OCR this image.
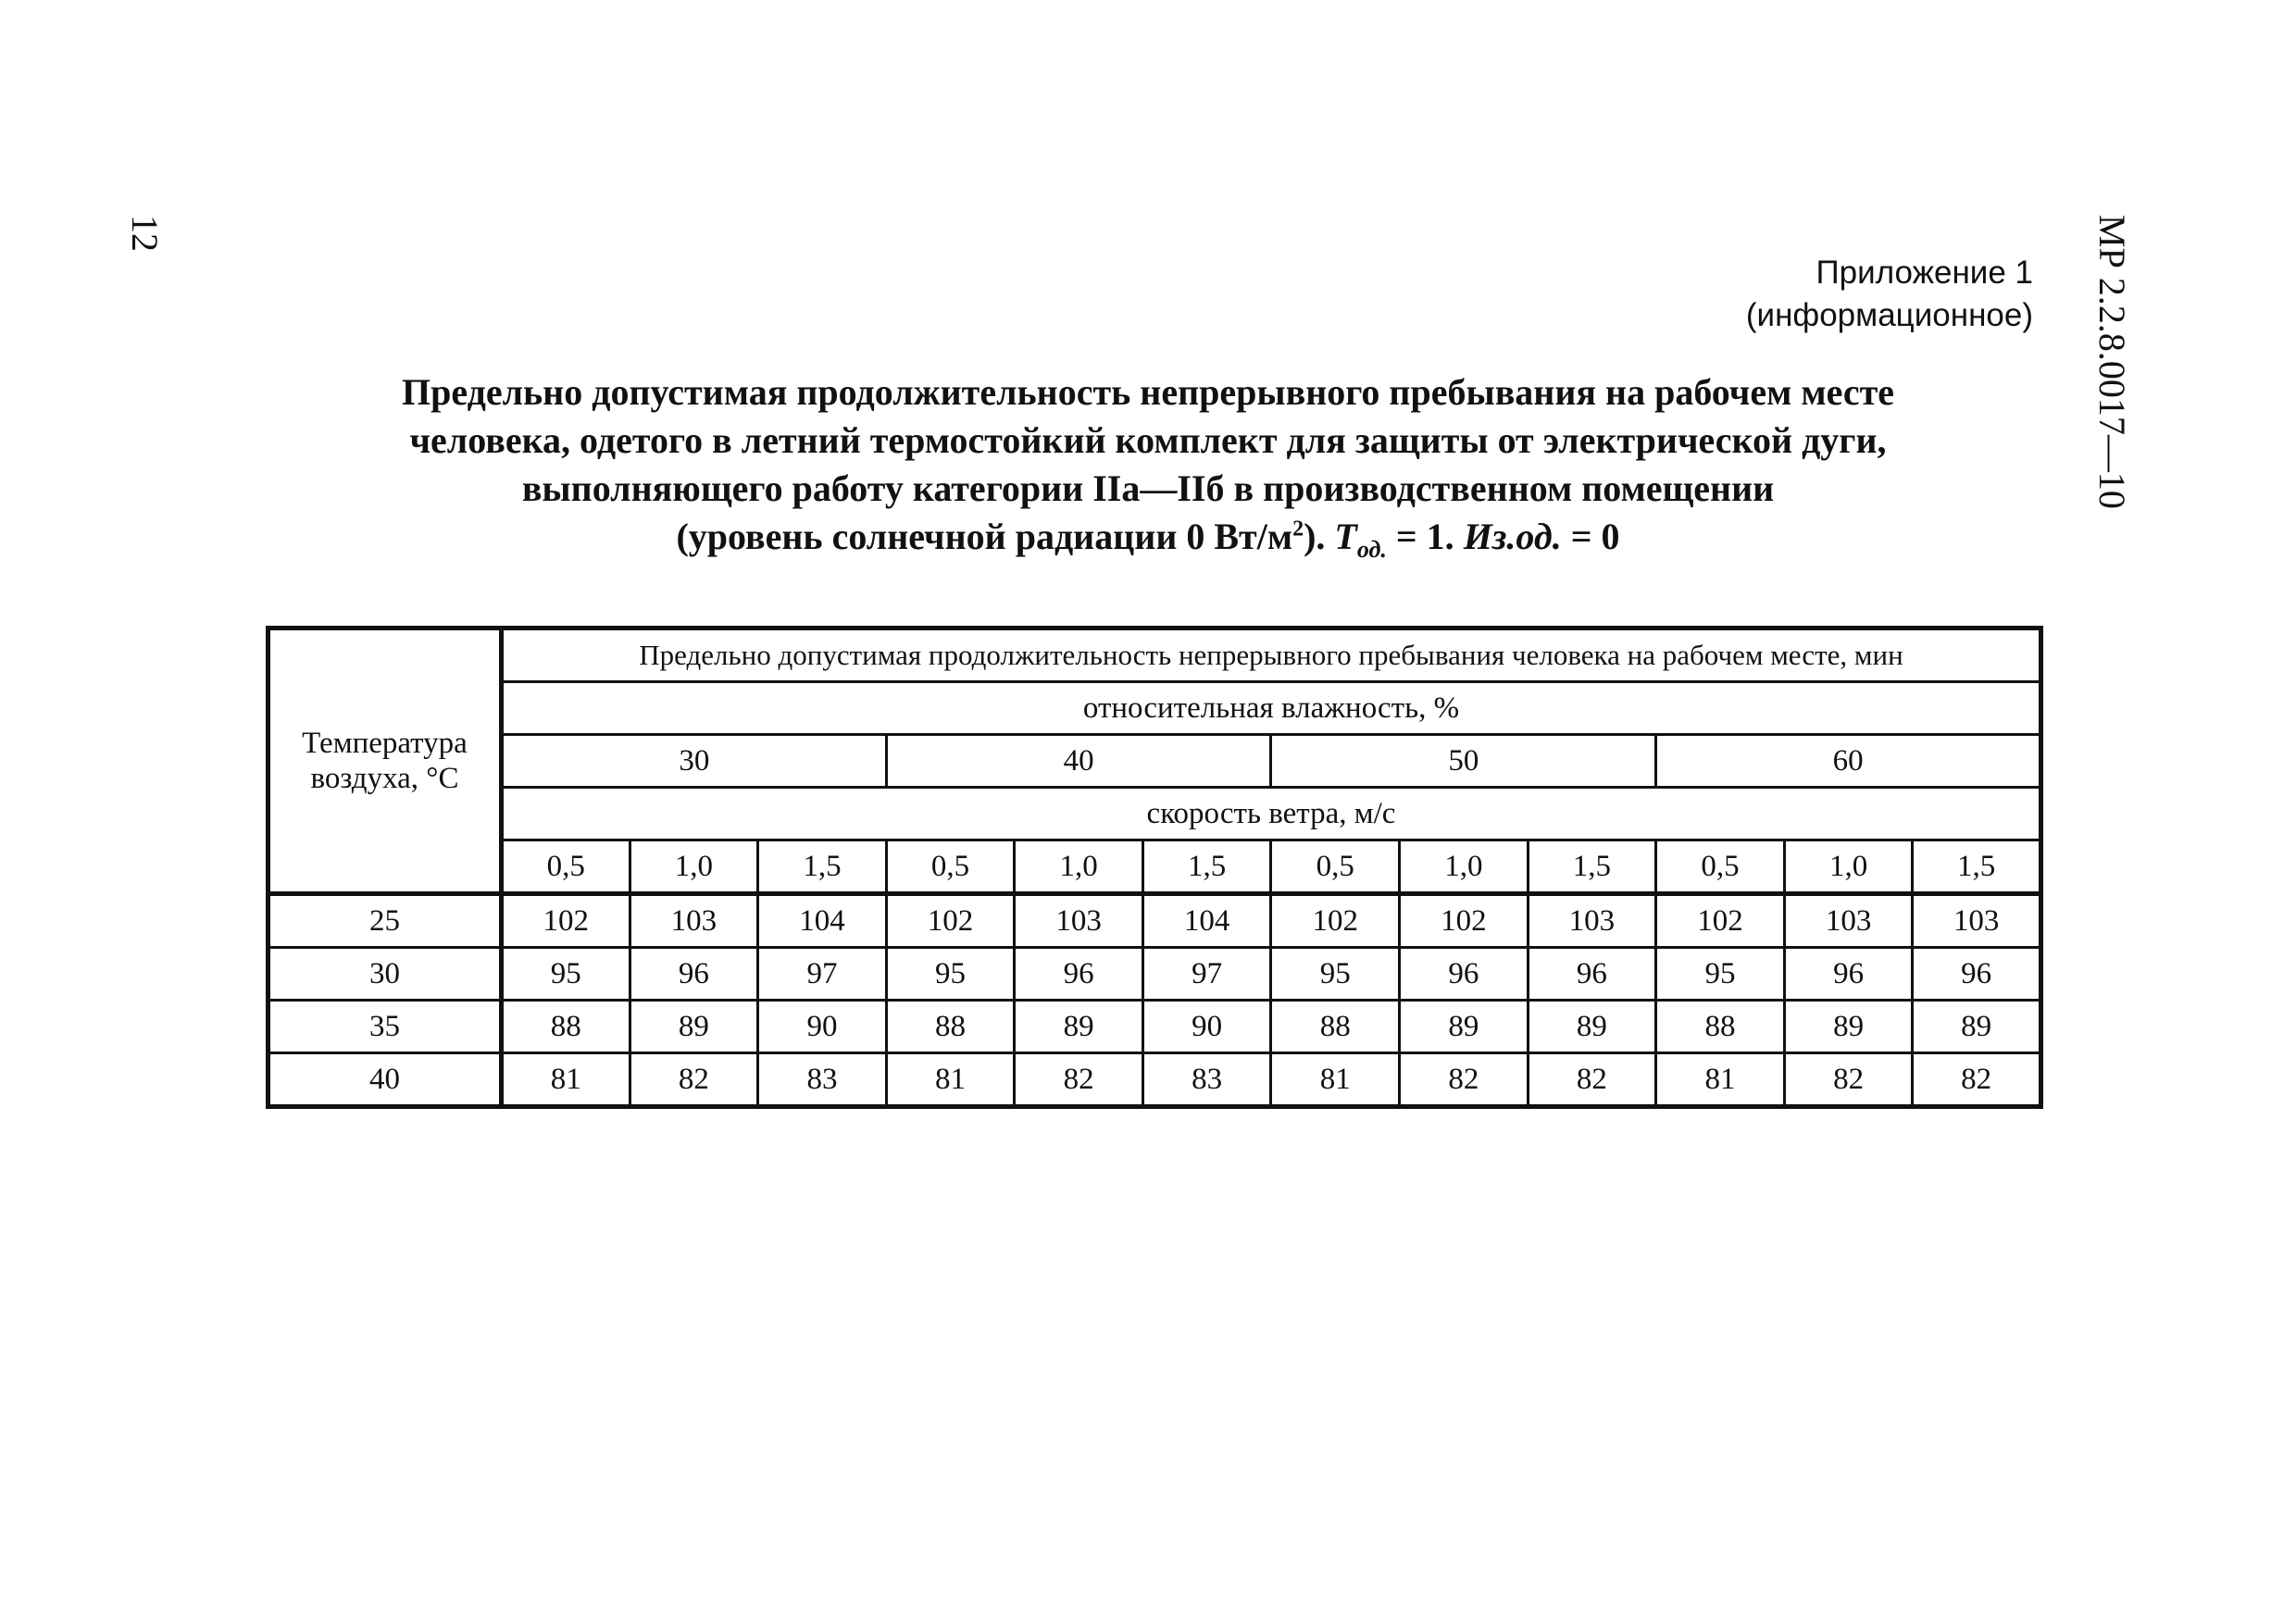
12	МР 2.2.8.0017—10
Приложение 1
(информационное)
Предельно допустимая продолжительность непрерывного пребывания на рабочем месте
человека, одетого в летний термостойкий комплект для защиты от электрической дуги,
выполняющего работу категории IIа—IIб в производственном помещении
(уровень солнечной радиации 0 $Вт/м^2$). $T_{од.} = 1$. Из.од. = 0
Температура воздуха, °С	Предельно допустимая продолжительность непрерывного пребывания человека на рабочем месте, мин											
	относительная влажность, %											
	30			40			50			60		
	скорость ветра, м/с											
	0,5	1,0	1,5	0,5	1,0	1,5	0,5	1,0	1,5	0,5	1,0	1,5
25	102	103	104	102	103	104	102	102	103	102	103	103
30	95	96	97	95	96	97	95	96	96	95	96	96
35	88	89	90	88	89	90	88	89	89	88	89	89
40	81	82	83	81	82	83	81	82	82	81	82	82
